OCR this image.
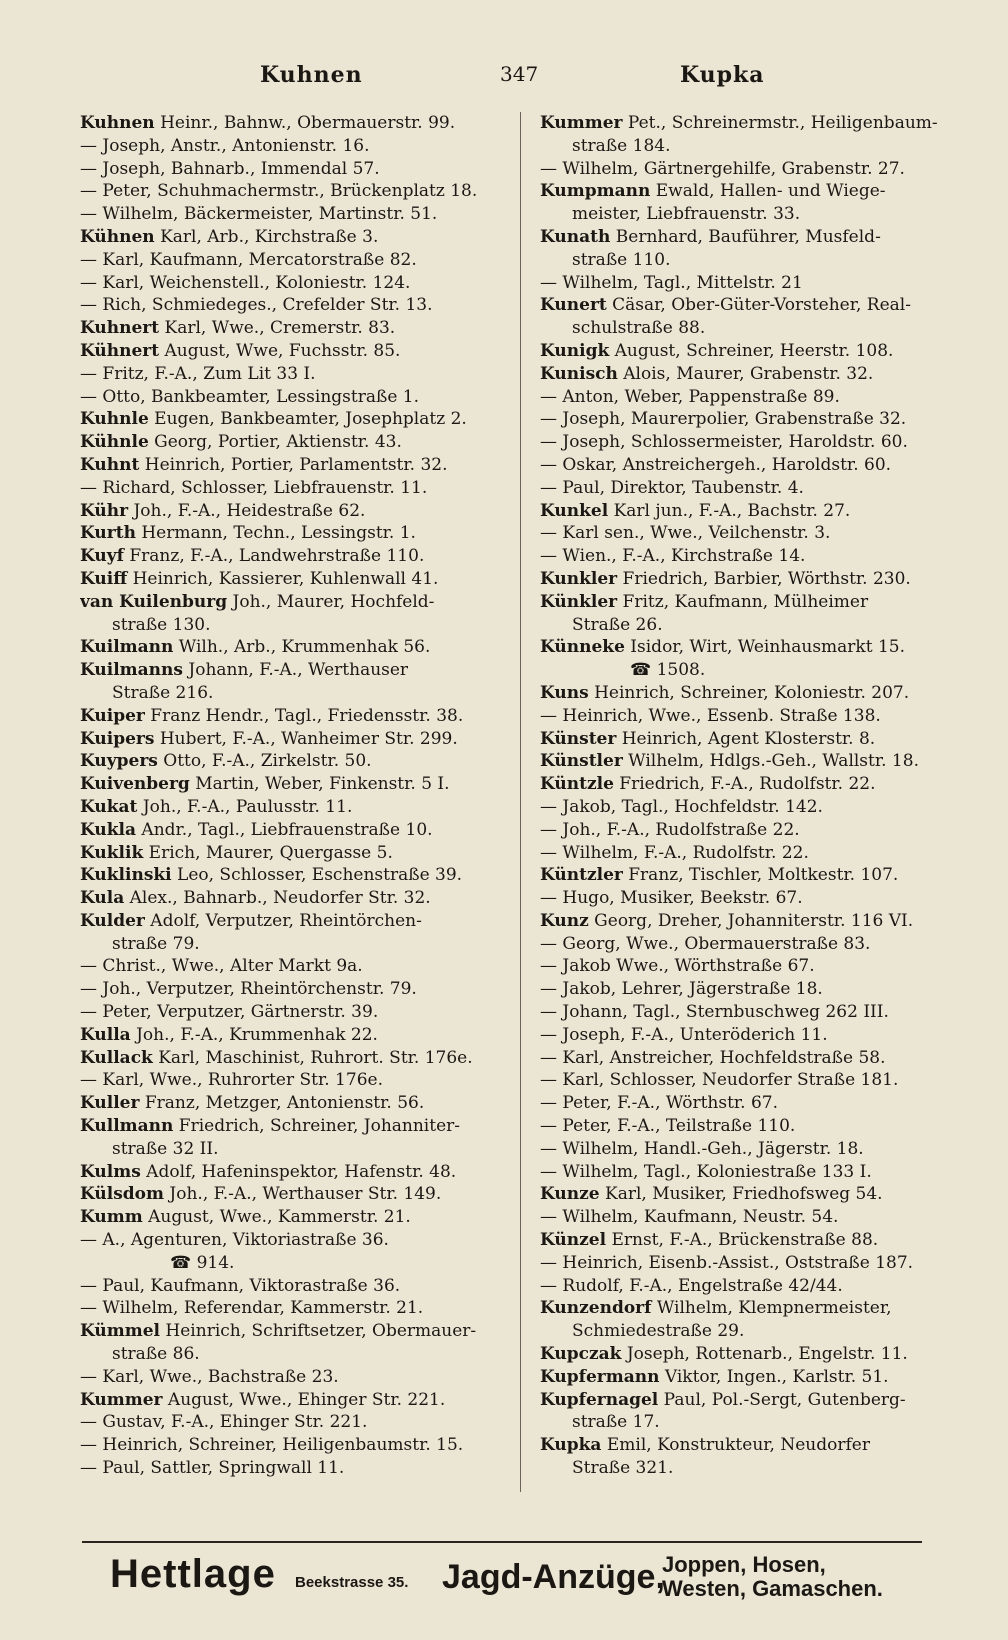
Kuhnen	347	Kupka

Kuhnen Heinr., Bahnw., Obermauerstr. 99.

— Joseph, Anstr., Antonienstr. 16.

— Joseph, Bahnarb., Immendal 57.

— Peter, Schuhmachermstr., Brückenplatz 18.

— Wilhelm, Bäckermeister, Martinstr. 51.

Kühnen Karl, Arb., Kirchstraße 3.

— Karl, Kaufmann, Mercatorstraße 82.

— Karl, Weichenstell., Koloniestr. 124.

— Rich, Schmiedeges., Crefelder Str. 13.

Kuhnert Karl, Wwe., Cremerstr. 83.

Kühnert August, Wwe, Fuchsstr. 85.

— Fritz, F.-A., Zum Lit 33 I.

— Otto, Bankbeamter, Lessingstraße 1.

Kuhnle Eugen, Bankbeamter, Josephplatz 2.

Kühnle Georg, Portier, Aktienstr. 43.

Kuhnt Heinrich, Portier, Parlamentstr. 32.

— Richard, Schlosser, Liebfrauenstr. 11.

Kühr Joh., F.-A., Heidestraße 62.

Kurth Hermann, Techn., Lessingstr. 1.

Kuyf Franz, F.-A., Landwehrstraße 110.

Kuiff Heinrich, Kassierer, Kuhlenwall 41.

van Kuilenburg Joh., Maurer, Hochfeld-
straße 130.

Kuilmann Wilh., Arb., Krummenhak 56.

Kuilmanns Johann, F.-A., Werthauser
Straße 216.

Kuiper Franz Hendr., Tagl., Friedensstr. 38.

Kuipers Hubert, F.-A., Wanheimer Str. 299.

Kuypers Otto, F.-A., Zirkelstr. 50.

Kuivenberg Martin, Weber, Finkenstr. 5 I.

Kukat Joh., F.-A., Paulusstr. 11.

Kukla Andr., Tagl., Liebfrauenstraße 10.

Kuklik Erich, Maurer, Quergasse 5.

Kuklinski Leo, Schlosser, Eschenstraße 39.

Kula Alex., Bahnarb., Neudorfer Str. 32.

Kulder Adolf, Verputzer, Rheintörchen-
straße 79.

— Christ., Wwe., Alter Markt 9a.

— Joh., Verputzer, Rheintörchenstr. 79.

— Peter, Verputzer, Gärtnerstr. 39.

Kulla Joh., F.-A., Krummenhak 22.

Kullack Karl, Maschinist, Ruhrort. Str. 176e.

— Karl, Wwe., Ruhrorter Str. 176e.

Kuller Franz, Metzger, Antonienstr. 56.

Kullmann Friedrich, Schreiner, Johanniter-
straße 32 II.

Kulms Adolf, Hafeninspektor, Hafenstr. 48.

Külsdom Joh., F.-A., Werthauser Str. 149.

Kumm August, Wwe., Kammerstr. 21.

— A., Agenturen, Viktoriastraße 36.
☎ 914.

— Paul, Kaufmann, Viktorastraße 36.

— Wilhelm, Referendar, Kammerstr. 21.

Kümmel Heinrich, Schriftsetzer, Obermauer-
straße 86.

— Karl, Wwe., Bachstraße 23.

Kummer August, Wwe., Ehinger Str. 221.

— Gustav, F.-A., Ehinger Str. 221.

— Heinrich, Schreiner, Heiligenbaumstr. 15.

— Paul, Sattler, Springwall 11.

Kummer Pet., Schreinermstr., Heiligenbaum-
straße 184.

— Wilhelm, Gärtnergehilfe, Grabenstr. 27.

Kumpmann Ewald, Hallen- und Wiege-
meister, Liebfrauenstr. 33.

Kunath Bernhard, Bauführer, Musfeld-
straße 110.

— Wilhelm, Tagl., Mittelstr. 21

Kunert Cäsar, Ober-Güter-Vorsteher, Real-
schulstraße 88.

Kunigk August, Schreiner, Heerstr. 108.

Kunisch Alois, Maurer, Grabenstr. 32.

— Anton, Weber, Pappenstraße 89.

— Joseph, Maurerpolier, Grabenstraße 32.

— Joseph, Schlossermeister, Haroldstr. 60.

— Oskar, Anstreichergeh., Haroldstr. 60.

— Paul, Direktor, Taubenstr. 4.

Kunkel Karl jun., F.-A., Bachstr. 27.

— Karl sen., Wwe., Veilchenstr. 3.

— Wien., F.-A., Kirchstraße 14.

Kunkler Friedrich, Barbier, Wörthstr. 230.

Künkler Fritz, Kaufmann, Mülheimer
Straße 26.

Künneke Isidor, Wirt, Weinhausmarkt 15.
☎ 1508.

Kuns Heinrich, Schreiner, Koloniestr. 207.

— Heinrich, Wwe., Essenb. Straße 138.

Künster Heinrich, Agent Klosterstr. 8.

Künstler Wilhelm, Hdlgs.-Geh., Wallstr. 18.

Küntzle Friedrich, F.-A., Rudolfstr. 22.

— Jakob, Tagl., Hochfeldstr. 142.

— Joh., F.-A., Rudolfstraße 22.

— Wilhelm, F.-A., Rudolfstr. 22.

Küntzler Franz, Tischler, Moltkestr. 107.

— Hugo, Musiker, Beekstr. 67.

Kunz Georg, Dreher, Johanniterstr. 116 VI.

— Georg, Wwe., Obermauerstraße 83.

— Jakob Wwe., Wörthstraße 67.

— Jakob, Lehrer, Jägerstraße 18.

— Johann, Tagl., Sternbuschweg 262 III.

— Joseph, F.-A., Unteröderich 11.

— Karl, Anstreicher, Hochfeldstraße 58.

— Karl, Schlosser, Neudorfer Straße 181.

— Peter, F.-A., Wörthstr. 67.

— Peter, F.-A., Teilstraße 110.

— Wilhelm, Handl.-Geh., Jägerstr. 18.

— Wilhelm, Tagl., Koloniestraße 133 I.

Kunze Karl, Musiker, Friedhofsweg 54.

— Wilhelm, Kaufmann, Neustr. 54.

Künzel Ernst, F.-A., Brückenstraße 88.

— Heinrich, Eisenb.-Assist., Oststraße 187.

— Rudolf, F.-A., Engelstraße 42/44.

Kunzendorf Wilhelm, Klempnermeister,
Schmiedestraße 29.

Kupczak Joseph, Rottenarb., Engelstr. 11.

Kupfermann Viktor, Ingen., Karlstr. 51.

Kupfernagel Paul, Pol.-Sergt, Gutenberg-
straße 17.

Kupka Emil, Konstrukteur, Neudorfer
Straße 321.

Hettlage Beekstrasse 35. Jagd-Anzüge,
Joppen, Hosen,
Westen, Gamaschen.
